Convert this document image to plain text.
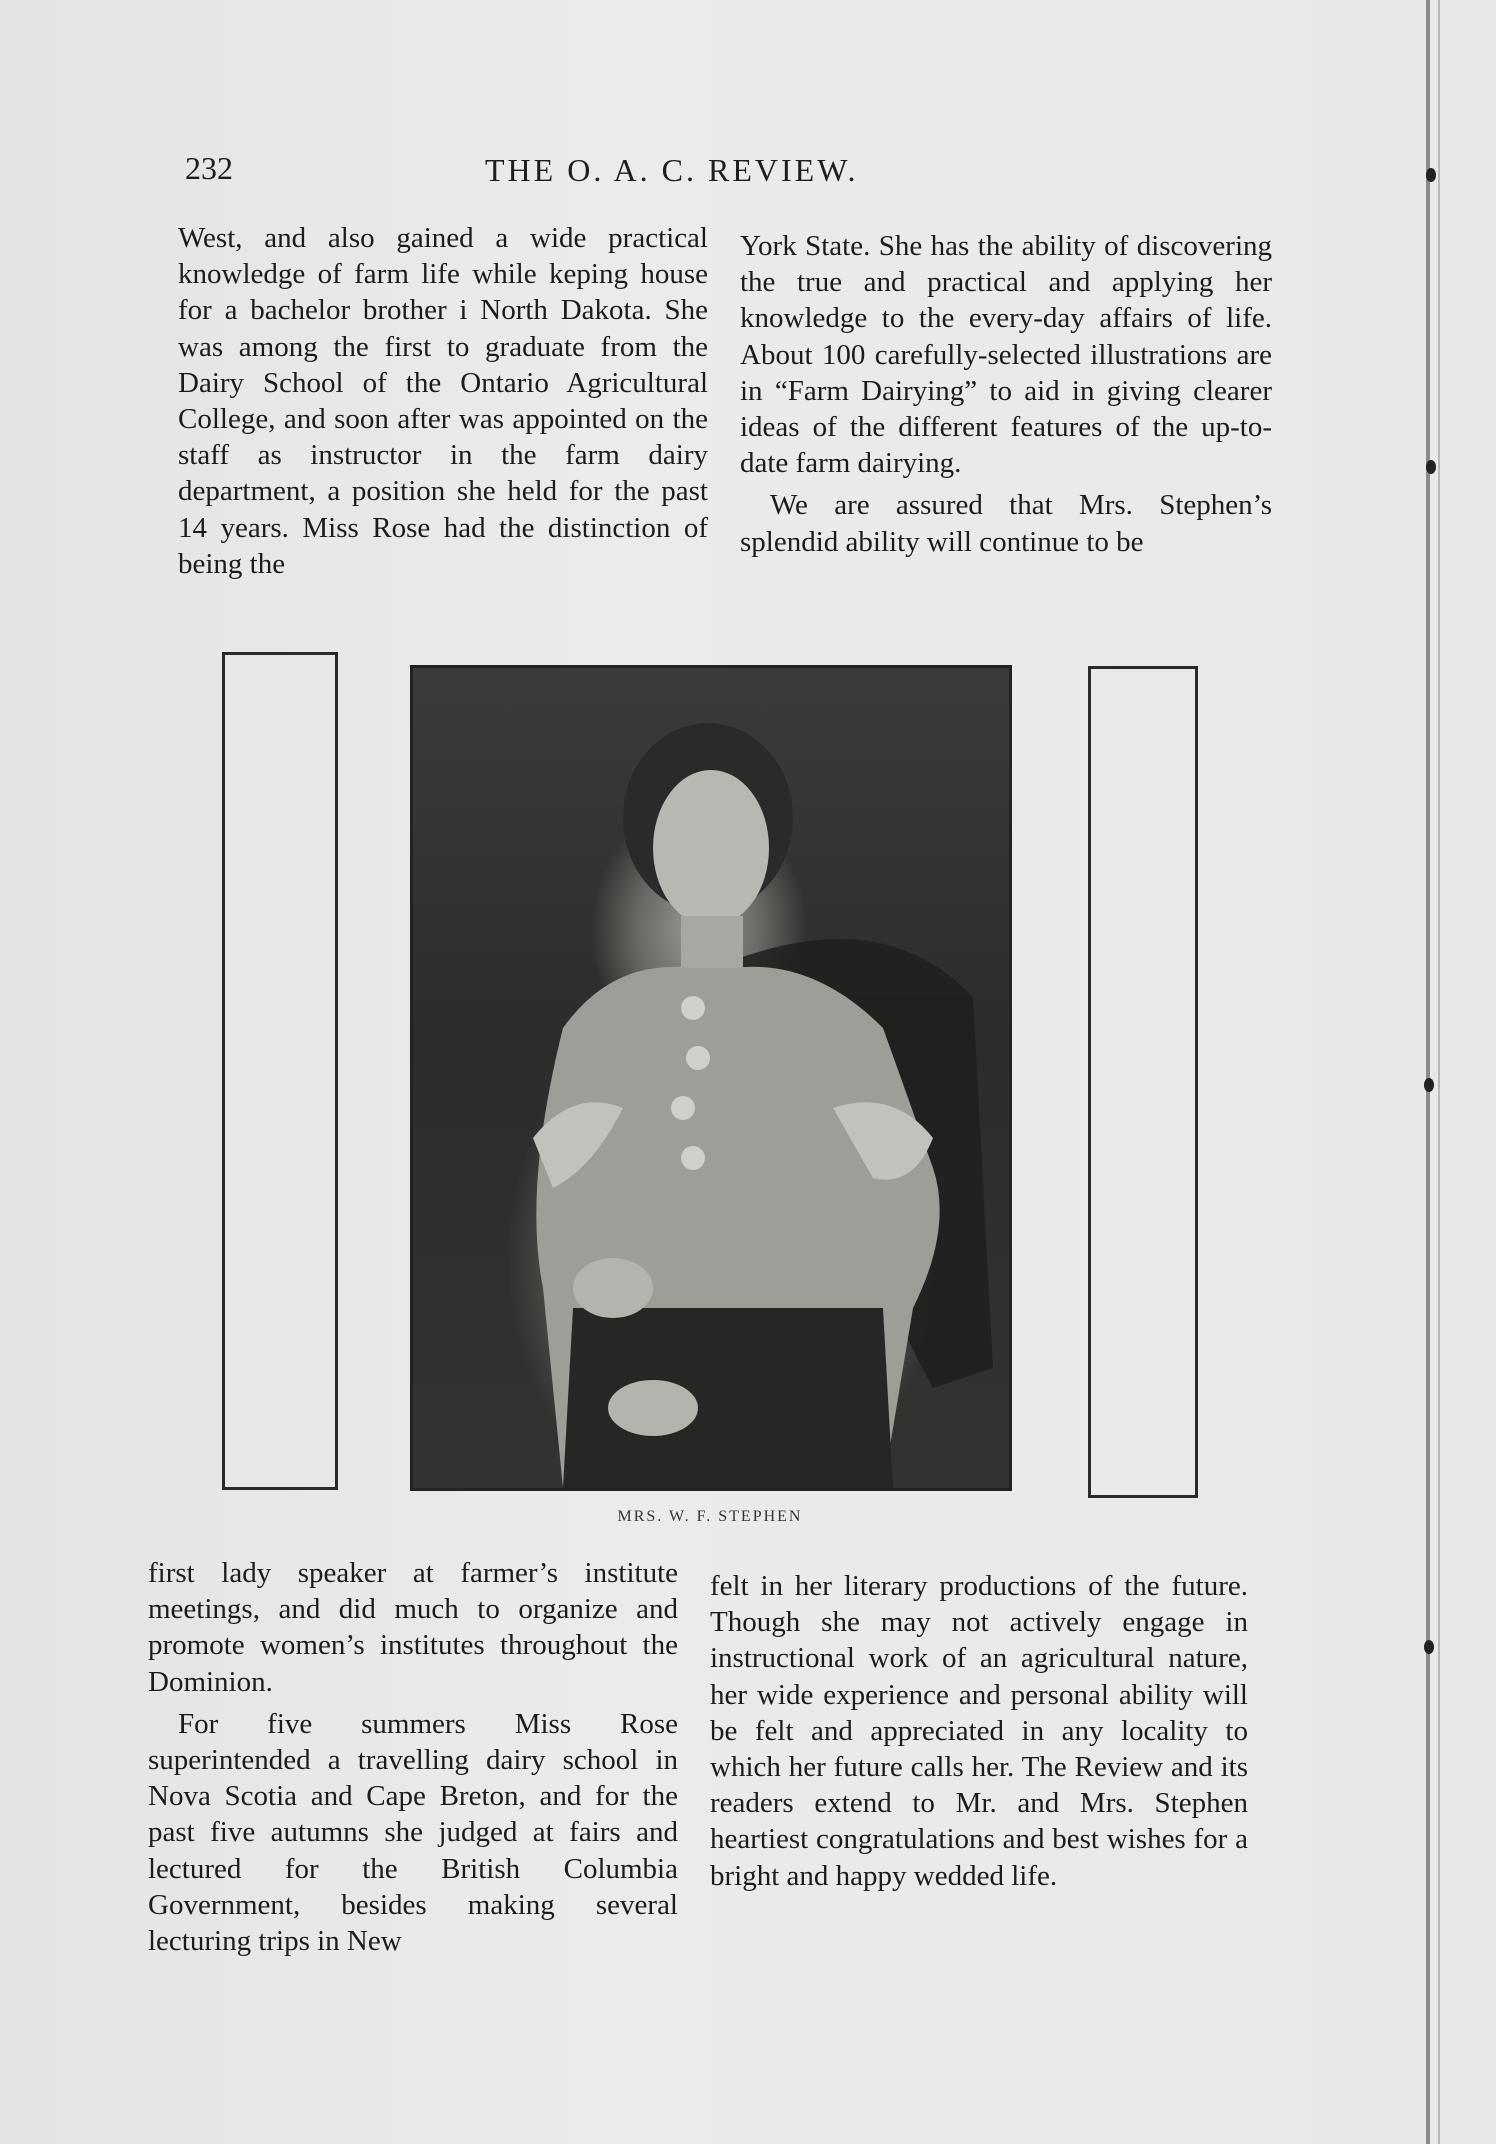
232	THE O. A. C. REVIEW.

West, and also gained a wide practical knowledge of farm life while keping house for a bachelor brother i North Dakota. She was among the first to graduate from the Dairy School of the Ontario Agricultural College, and soon after was appointed on the staff as instructor in the farm dairy department, a position she held for the past 14 years. Miss Rose had the distinction of being the

York State. She has the ability of discovering the true and practical and applying her knowledge to the every-day affairs of life. About 100 carefully-selected illustrations are in “Farm Dairying” to aid in giving clearer ideas of the different features of the up-to-date farm dairying.

We are assured that Mrs. Stephen’s splendid ability will continue to be

MRS. W. F. STEPHEN

first lady speaker at farmer’s institute meetings, and did much to organize and promote women’s institutes throughout the Dominion.

For five summers Miss Rose superintended a travelling dairy school in Nova Scotia and Cape Breton, and for the past five autumns she judged at fairs and lectured for the British Columbia Government, besides making several lecturing trips in New

felt in her literary productions of the future. Though she may not actively engage in instructional work of an agricultural nature, her wide experience and personal ability will be felt and appreciated in any locality to which her future calls her. The Review and its readers extend to Mr. and Mrs. Stephen heartiest congratulations and best wishes for a bright and happy wedded life.
